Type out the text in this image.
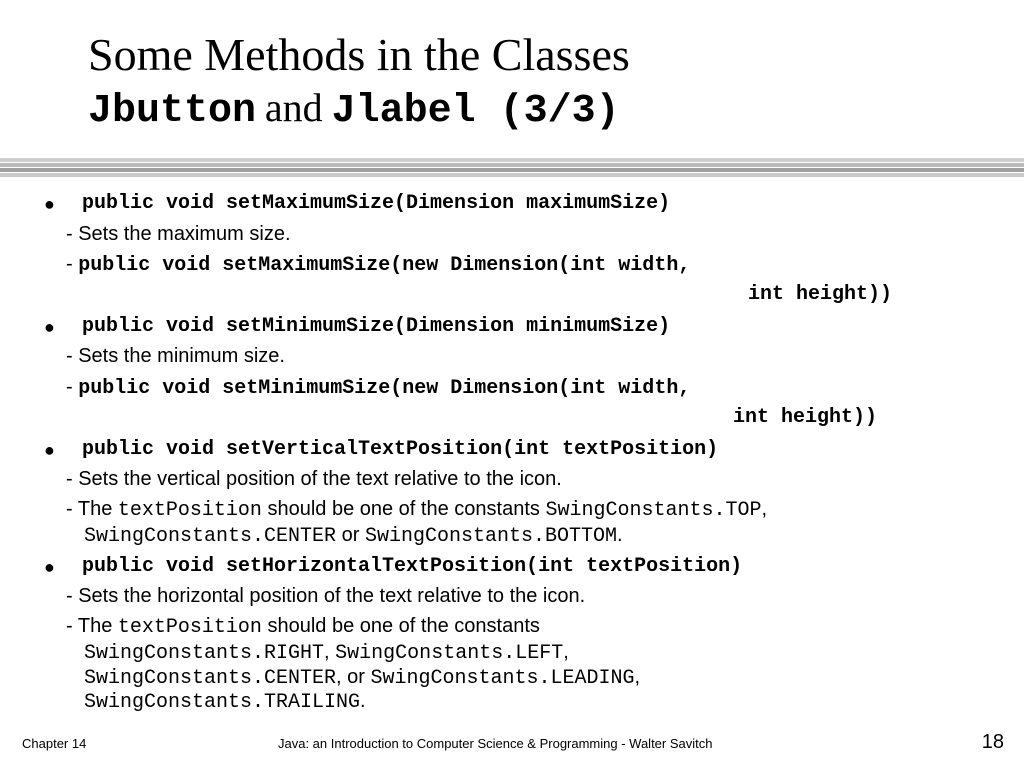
Some Methods in the Classes
Jbutton and Jlabel (3/3)
● public void setMaximumSize(Dimension maximumSize)
- Sets the maximum size.
- public void setMaximumSize(new Dimension(int width,
int height))
● public void setMinimumSize(Dimension minimumSize)
- Sets the minimum size.
- public void setMinimumSize(new Dimension(int width,
int height))
● public void setVerticalTextPosition(int textPosition)
- Sets the vertical position of the text relative to the icon.
- The textPosition should be one of the constants SwingConstants.TOP,
SwingConstants.CENTER or SwingConstants.BOTTOM.
● public void setHorizontalTextPosition(int textPosition)
- Sets the horizontal position of the text relative to the icon.
- The textPosition should be one of the constants
SwingConstants.RIGHT, SwingConstants.LEFT,
SwingConstants.CENTER, or SwingConstants.LEADING,
SwingConstants.TRAILING.
Chapter 14	Java: an Introduction to Computer Science & Programming - Walter Savitch	18
